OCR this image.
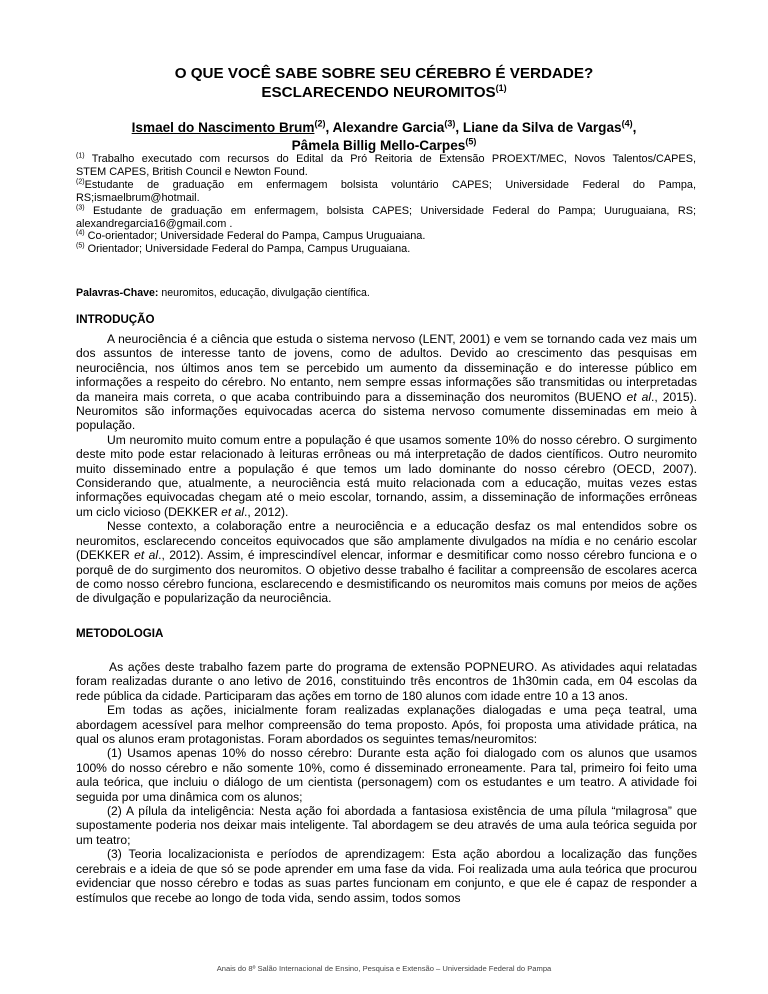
O QUE VOCÊ SABE SOBRE SEU CÉREBRO É VERDADE?
ESCLARECENDO NEUROMITOS$^{(1)}$
Ismael do Nascimento Brum$^{(2)}$, Alexandre Garcia$^{(3)}$, Liane da Silva de Vargas$^{(4)}$,
Pâmela Billig Mello-Carpes$^{(5)}$

$^{(1)}$ Trabalho executado com recursos do Edital da Pró Reitoria de Extensão PROEXT/MEC, Novos Talentos/CAPES,

STEM CAPES, British Council e Newton Found.

$^{(2)}$Estudante de graduação em enfermagem bolsista voluntário CAPES; Universidade Federal do Pampa,

RS;ismaelbrum@hotmail.

$^{(3)}$ Estudante de graduação em enfermagem, bolsista CAPES; Universidade Federal do Pampa; Uuruguaiana, RS;

alexandregarcia16@gmail.com .

$^{(4)}$ Co-orientador; Universidade Federal do Pampa, Campus Uruguaiana.

$^{(5)}$ Orientador; Universidade Federal do Pampa, Campus Uruguaiana.

Palavras-Chave: neuromitos, educação, divulgação científica.
INTRODUÇÃO

A neurociência é a ciência que estuda o sistema nervoso (LENT, 2001) e vem se tornando cada vez mais um dos assuntos de interesse tanto de jovens, como de adultos. Devido ao crescimento das pesquisas em neurociência, nos últimos anos tem se percebido um aumento da disseminação e do interesse público em informações a respeito do cérebro. No entanto, nem sempre essas informações são transmitidas ou interpretadas da maneira mais correta, o que acaba contribuindo para a disseminação dos neuromitos (BUENO et al., 2015). Neuromitos são informações equivocadas acerca do sistema nervoso comumente disseminadas em meio à população.

Um neuromito muito comum entre a população é que usamos somente 10% do nosso cérebro. O surgimento deste mito pode estar relacionado à leituras errôneas ou má interpretação de dados científicos. Outro neuromito muito disseminado entre a população é que temos um lado dominante do nosso cérebro (OECD, 2007). Considerando que, atualmente, a neurociência está muito relacionada com a educação, muitas vezes estas informações equivocadas chegam até o meio escolar, tornando, assim, a disseminação de informações errôneas um ciclo vicioso (DEKKER et al., 2012).

Nesse contexto, a colaboração entre a neurociência e a educação desfaz os mal entendidos sobre os neuromitos, esclarecendo conceitos equivocados que são amplamente divulgados na mídia e no cenário escolar (DEKKER et al., 2012). Assim, é imprescindível elencar, informar e desmitificar como nosso cérebro funciona e o porquê de do surgimento dos neuromitos. O objetivo desse trabalho é facilitar a compreensão de escolares acerca de como nosso cérebro funciona, esclarecendo e desmistificando os neuromitos mais comuns por meios de ações de divulgação e popularização da neurociência.

METODOLOGIA

As ações deste trabalho fazem parte do programa de extensão POPNEURO. As atividades aqui relatadas foram realizadas durante o ano letivo de 2016, constituindo três encontros de 1h30min cada, em 04 escolas da rede pública da cidade. Participaram das ações em torno de 180 alunos com idade entre 10 a 13 anos.

Em todas as ações, inicialmente foram realizadas explanações dialogadas e uma peça teatral, uma abordagem acessível para melhor compreensão do tema proposto. Após, foi proposta uma atividade prática, na qual os alunos eram protagonistas. Foram abordados os seguintes temas/neuromitos:

(1) Usamos apenas 10% do nosso cérebro: Durante esta ação foi dialogado com os alunos que usamos 100% do nosso cérebro e não somente 10%, como é disseminado erroneamente. Para tal, primeiro foi feito uma aula teórica, que incluiu o diálogo de um cientista (personagem) com os estudantes e um teatro. A atividade foi seguida por uma dinâmica com os alunos;

(2) A pílula da inteligência: Nesta ação foi abordada a fantasiosa existência de uma pílula “milagrosa” que supostamente poderia nos deixar mais inteligente. Tal abordagem se deu através de uma aula teórica seguida por um teatro;

(3) Teoria localizacionista e períodos de aprendizagem: Esta ação abordou a localização das funções cerebrais e a ideia de que só se pode aprender em uma fase da vida. Foi realizada uma aula teórica que procurou evidenciar que nosso cérebro e todas as suas partes funcionam em conjunto, e que ele é capaz de responder a estímulos que recebe ao longo de toda vida, sendo assim, todos somos

Anais do 8º Salão Internacional de Ensino, Pesquisa e Extensão – Universidade Federal do Pampa
